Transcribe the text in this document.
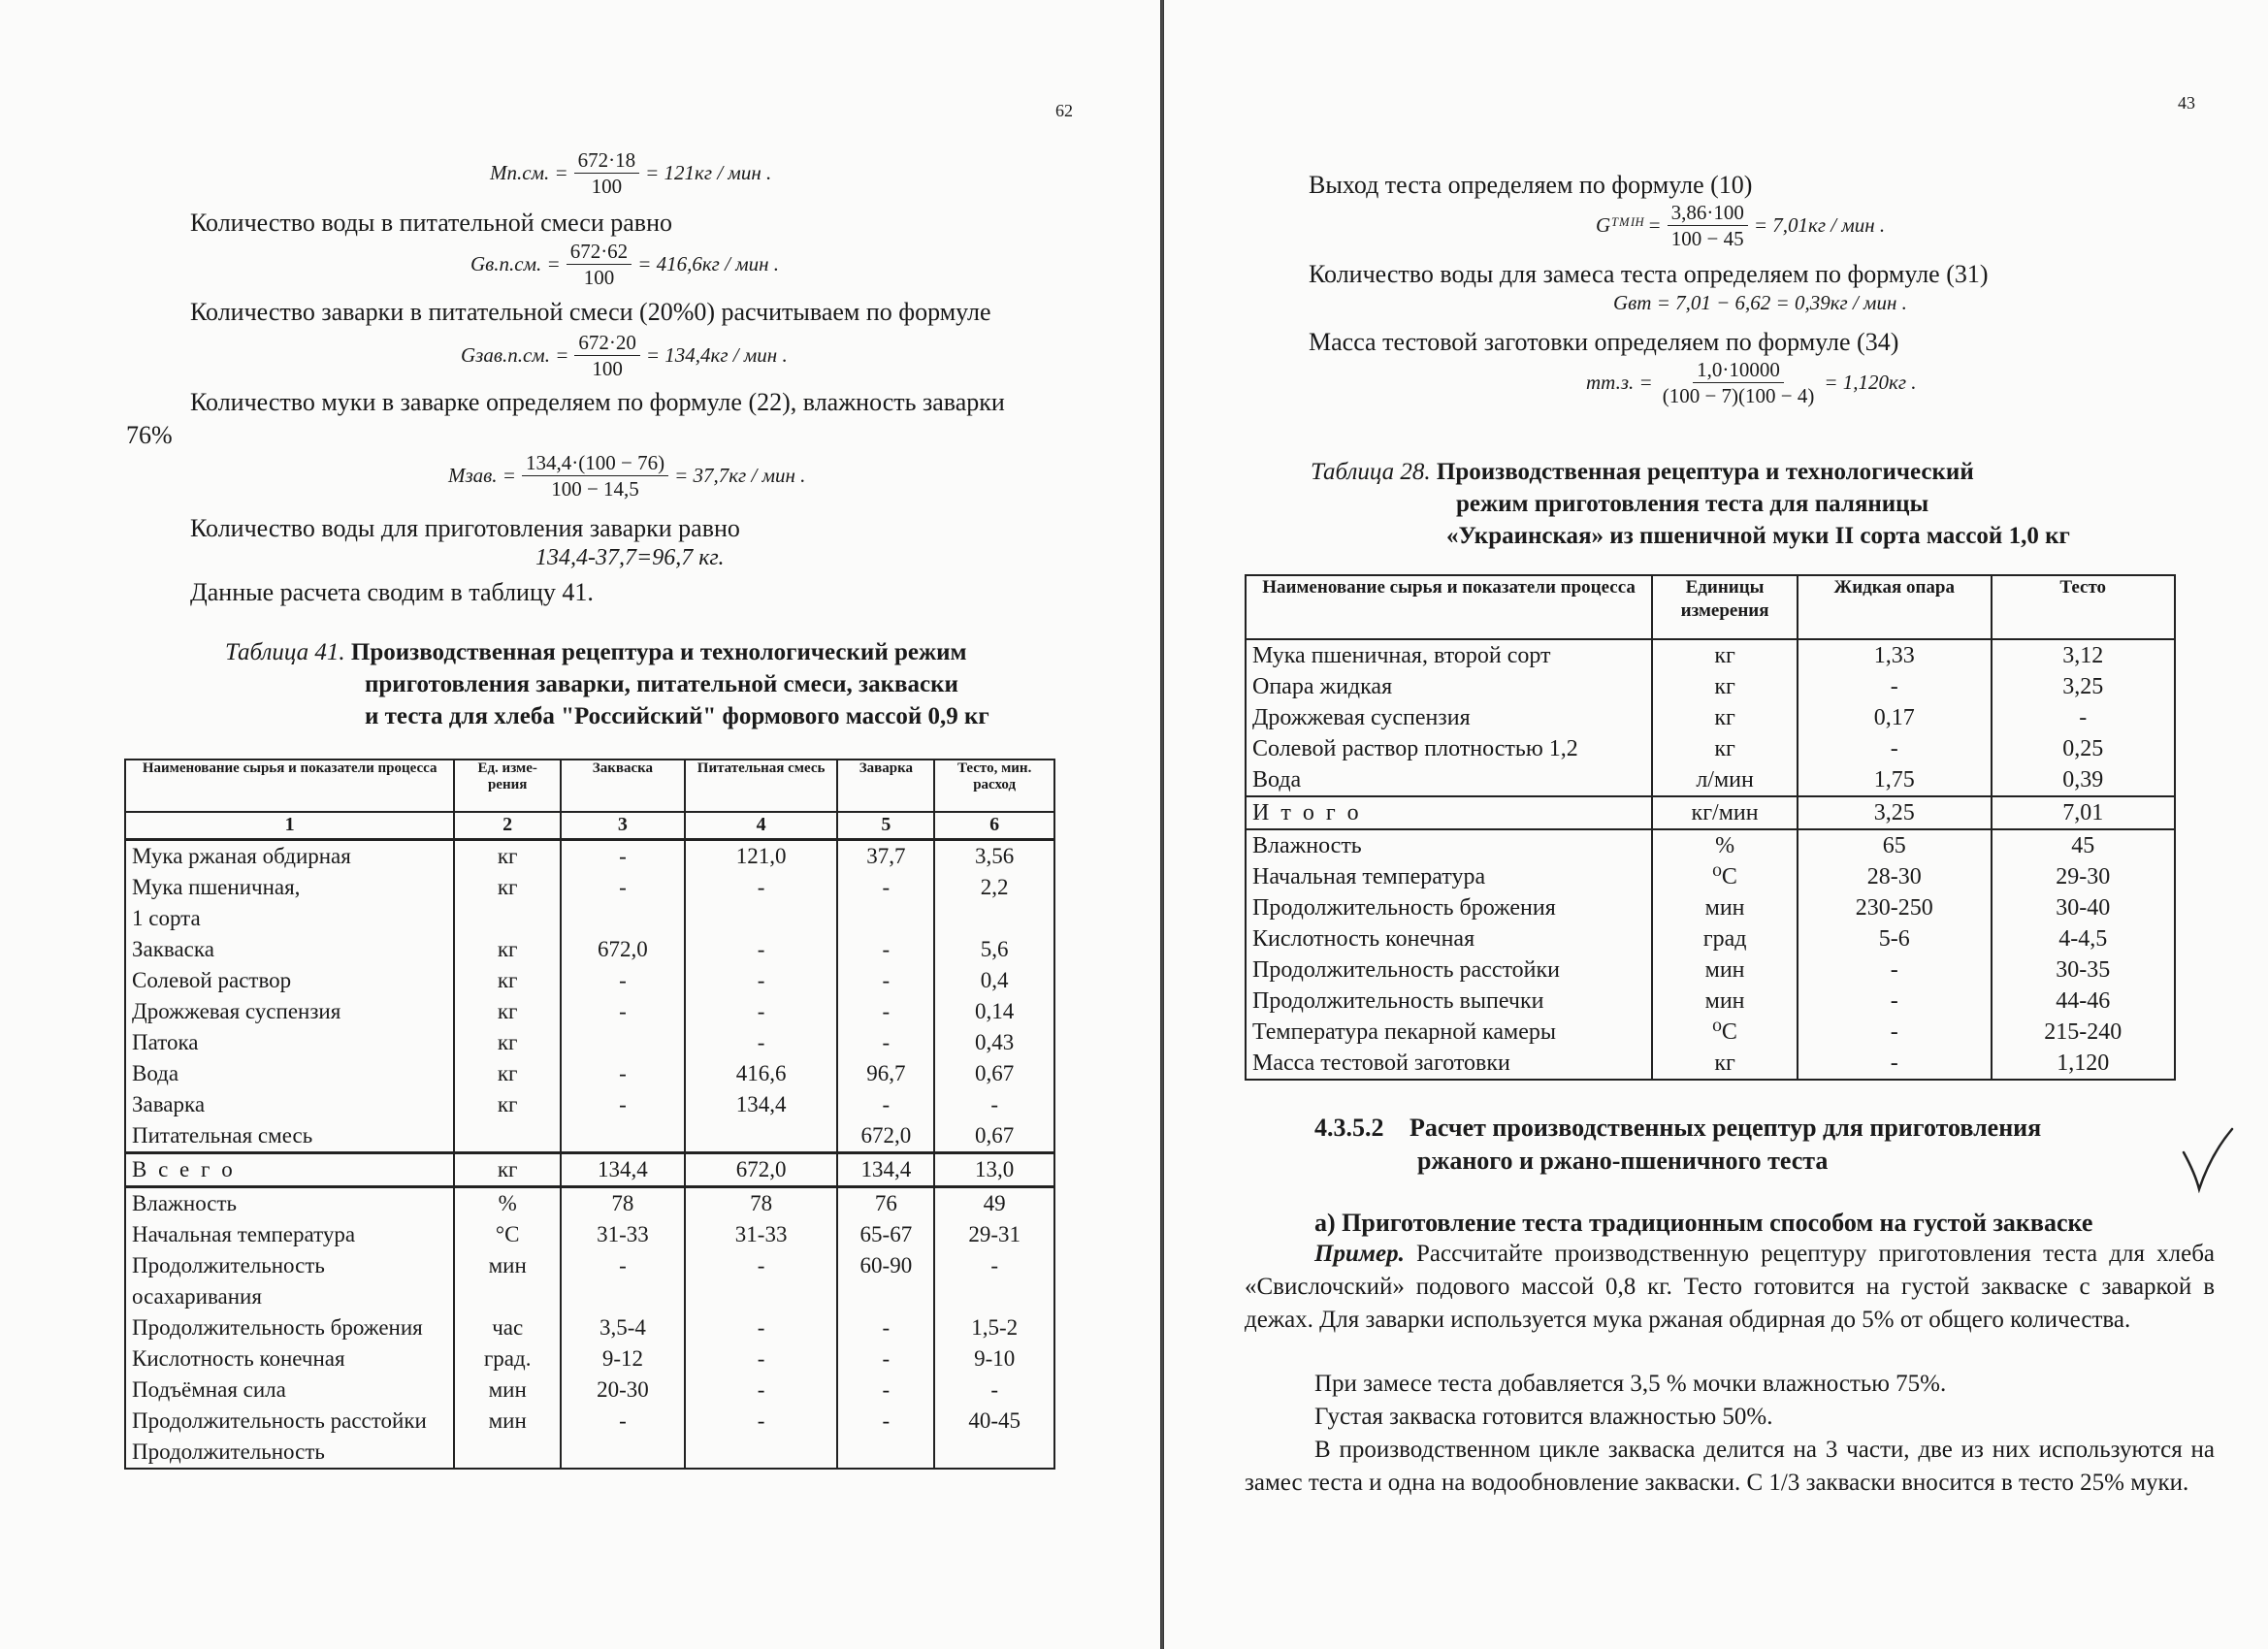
62
Mп.см. = $\frac{672\cdot 18}{100} = 121кг$ / мин .
Количество воды в питательной смеси равно
Gв.п.см. = $\frac{672\cdot 62}{100} = 416,6кг$ / мин .
Количество заварки в питательной смеси (20%0) расчитываем по формуле
Gзав.п.см. = $\frac{672\cdot 20}{100} = 134,4кг$ / мин .
Количество муки в заварке определяем по формуле (22), влажность заварки
76%
Mзав. = $\frac{134,4\cdot(100 - 76)}{100 - 14,5} = 37,7кг$ / мин .
Количество воды для приготовления заварки равно
134,4-37,7=96,7 кг.
Данные расчета сводим в таблицу 41.
Таблица 41. Производственная рецептура и технологический режим
приготовления заварки, питательной смеси, закваски
и теста для хлеба "Российский" формового массой 0,9 кг
Наименование сырья и показатели процесса	Ед. изме-рения	Закваска	Питательная смесь	Заварка	Тесто, мин. расход
1	2	3	4	5	6
Мука ржаная обдирная	кг	-	121,0	37,7	3,56
Мука пшеничная,	кг	-	-	-	2,2
1 сорта					
Закваска	кг	672,0	-	-	5,6
Солевой раствор	кг	-	-	-	0,4
Дрожжевая суспензия	кг	-	-	-	0,14
Патока	кг		-	-	0,43
Вода	кг	-	416,6	96,7	0,67
Заварка	кг	-	134,4	-	-
Питательная смесь				672,0	0,67
В с е г о	кг	134,4	672,0	134,4	13,0
Влажность	%	78	78	76	49
Начальная температура	°C	31-33	31-33	65-67	29-31
Продолжительность осахаривания	мин	-	-	60-90	-
Продолжительность брожения	час	3,5-4	-	-	1,5-2
Кислотность конечная	град.	9-12	-	-	9-10
Подъёмная сила	мин	20-30	-	-	-
Продолжительность расстойки	мин	-	-	-	40-45
Продолжительность					
43
Выход теста определяем по формуле (10)
Gᵀᴹᴵᴴ = $\frac{3,86\cdot 100}{100 - 45} = 7,01кг$ / мин .
Количество воды для замеса теста определяем по формуле (31)
Gвт = 7,01 − 6,62 = 0,39кг / мин .
Масса тестовой заготовки определяем по формуле (34)
mт.з. = $\frac{1,0\cdot 10000}{(100 - 7)(100 - 4)} = 1,120кг$ .
Таблица 28. Производственная рецептура и технологический
режим приготовления теста для паляницы
«Украинская» из пшеничной муки II сорта массой 1,0 кг
Наименование сырья и показатели процесса	Единицы измерения	Жидкая опара	Тесто
Мука пшеничная, второй сорт	кг	1,33	3,12
Опара жидкая	кг	-	3,25
Дрожжевая суспензия	кг	0,17	-
Солевой раствор плотностью 1,2	кг	-	0,25
Вода	л/мин	1,75	0,39
И т о г о	кг/мин	3,25	7,01
Влажность	%	65	45
Начальная температура	⁰С	28-30	29-30
Продолжительность брожения	мин	230-250	30-40
Кислотность конечная	град	5-6	4-4,5
Продолжительность расстойки	мин	-	30-35
Продолжительность выпечки	мин	-	44-46
Температура пекарной камеры	⁰С	-	215-240
Масса тестовой заготовки	кг	-	1,120
4.3.5.2 Расчет производственных рецептур для приготовления
ржаного и ржано-пшеничного теста
а) Приготовление теста традиционным способом на густой закваске
Пример. Рассчитайте производственную рецептуру приготовления теста для хлеба «Свислочский» подового массой 0,8 кг. Тесто готовится на густой закваске с заваркой в дежах. Для заварки используется мука ржаная обдирная до 5% от общего количества.
При замесе теста добавляется 3,5 % мочки влажностью 75%.
Густая закваска готовится влажностью 50%.
В производственном цикле закваска делится на 3 части, две из них используются на замес теста и одна на водообновление закваски. С 1/3 закваски вносится в тесто 25% муки.
